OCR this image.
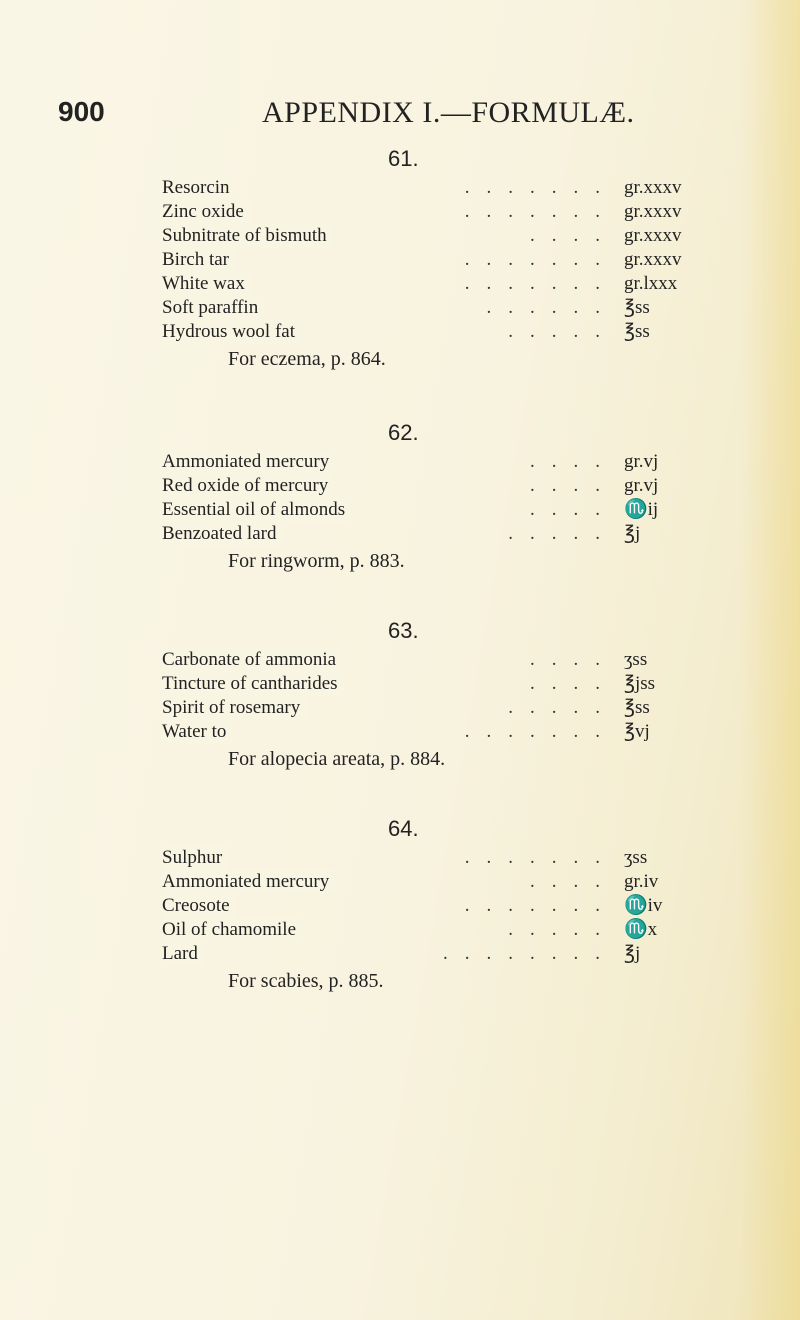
900	APPENDIX I.—FORMULÆ.
61.
.......
Resorcin	gr.xxxv
.......
Zinc oxide	gr.xxxv
....
Subnitrate of bismuth	gr.xxxv
.......
Birch tar	gr.xxxv
.......
White wax	gr.lxxx
......
Soft paraffin	℥ss
.....
Hydrous wool fat	℥ss
For eczema, p. 864.
62.
....
Ammoniated mercury	gr.vj
....
Red oxide of mercury	gr.vj
....
Essential oil of almonds	♏ij
.....
Benzoated lard	℥j
For ringworm, p. 883.
63.
....
Carbonate of ammonia	ʒss
....
Tincture of cantharides	℥jss
.....
Spirit of rosemary	℥ss
.......
Water to	℥vj
For alopecia areata, p. 884.
64.
.......
Sulphur	ʒss
....
Ammoniated mercury	gr.iv
.......
Creosote	♏iv
.....
Oil of chamomile	♏x
........
Lard	℥j
For scabies, p. 885.
